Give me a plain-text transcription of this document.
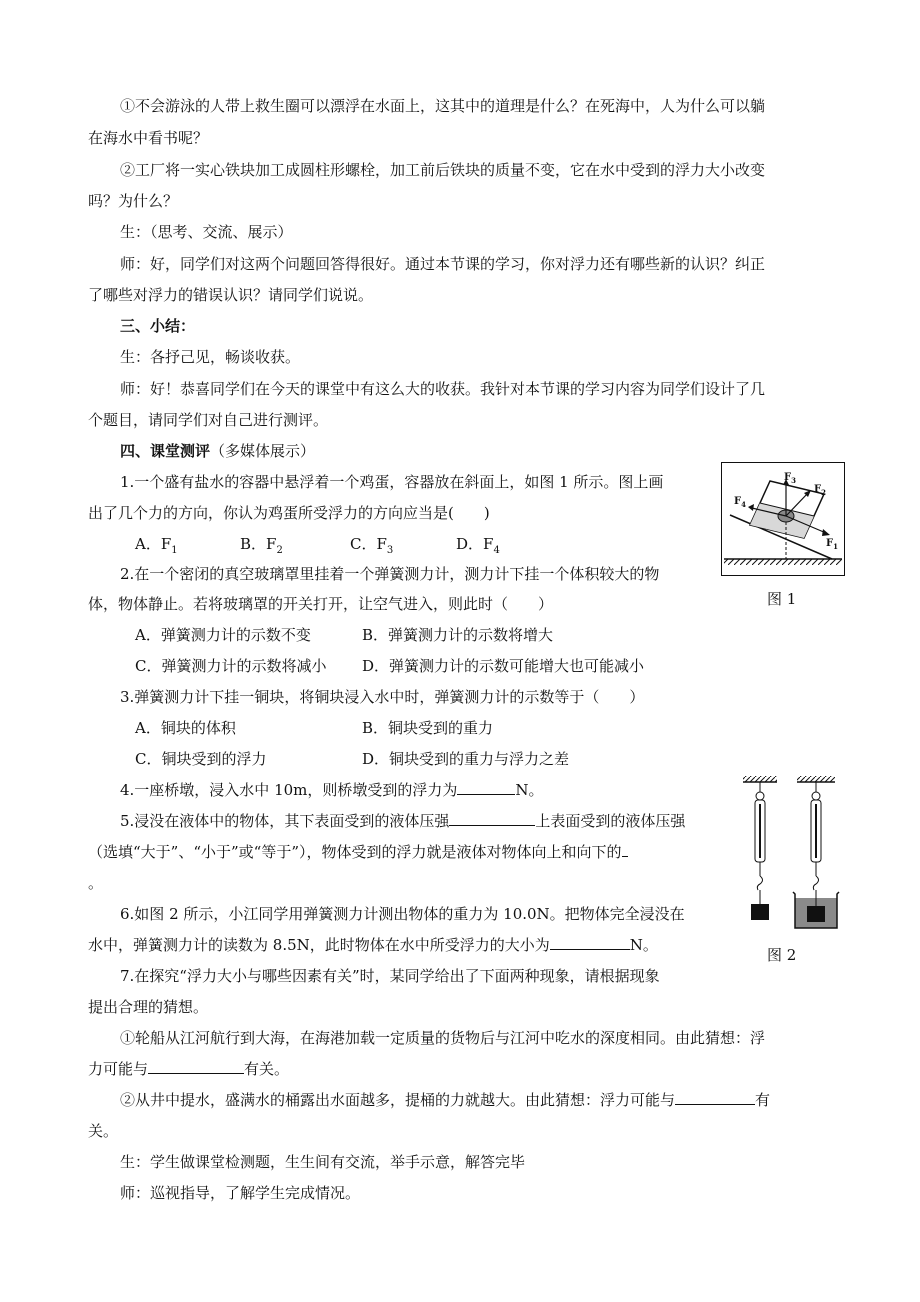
①不会游泳的人带上救生圈可以漂浮在水面上，这其中的道理是什么？在死海中，人为什么可以躺
在海水中看书呢？
②工厂将一实心铁块加工成圆柱形螺栓，加工前后铁块的质量不变，它在水中受到的浮力大小改变
吗？为什么？
生：（思考、交流、展示）
师：好，同学们对这两个问题回答得很好。通过本节课的学习，你对浮力还有哪些新的认识？纠正
了哪些对浮力的错误认识？请同学们说说。
三、小结：
生：各抒己见，畅谈收获。
师：好！恭喜同学们在今天的课堂中有这么大的收获。我针对本节课的学习内容为同学们设计了几
个题目，请同学们对自己进行测评。
四、课堂测评（多媒体展示）
1.一个盛有盐水的容器中悬浮着一个鸡蛋，容器放在斜面上，如图 1 所示。图上画
出了几个力的方向，你认为鸡蛋所受浮力的方向应当是(　　)
A．$F_1$	B．$F_2$	C．$F_3$	D．$F_4$
2.在一个密闭的真空玻璃罩里挂着一个弹簧测力计，测力计下挂一个体积较大的物
体，物体静止。若将玻璃罩的开关打开，让空气进入，则此时（　　）
A．弹簧测力计的示数不变	B．弹簧测力计的示数将增大
C．弹簧测力计的示数将减小 D．弹簧测力计的示数可能增大也可能减小
3.弹簧测力计下挂一铜块，将铜块浸入水中时，弹簧测力计的示数等于（　　）
A．铜块的体积	B．铜块受到的重力
C．铜块受到的浮力	D．铜块受到的重力与浮力之差
4.一座桥墩，浸入水中 10m，则桥墩受到的浮力为	N。
5.浸没在液体中的物体，其下表面受到的液体压强	上表面受到的液体压强
（选填“大于”、“小于”或“等于”），物体受到的浮力就是液体对物体向上和向下的
。
6.如图 2 所示，小江同学用弹簧测力计测出物体的重力为 10.0N。把物体完全浸没在
水中，弹簧测力计的读数为 8.5N，此时物体在水中所受浮力的大小为	N。
7.在探究“浮力大小与哪些因素有关”时，某同学给出了下面两种现象，请根据现象
提出合理的猜想。
①轮船从江河航行到大海，在海港加载一定质量的货物后与江河中吃水的深度相同。由此猜想：浮
力可能与	有关。
②从井中提水，盛满水的桶露出水面越多，提桶的力就越大。由此猜想：浮力可能与	有
关。
生：学生做课堂检测题，生生间有交流，举手示意，解答完毕
师：巡视指导，了解学生完成情况。
$F_3$
$F_2$
$F_1$
$F_4$
图 1
图 2
